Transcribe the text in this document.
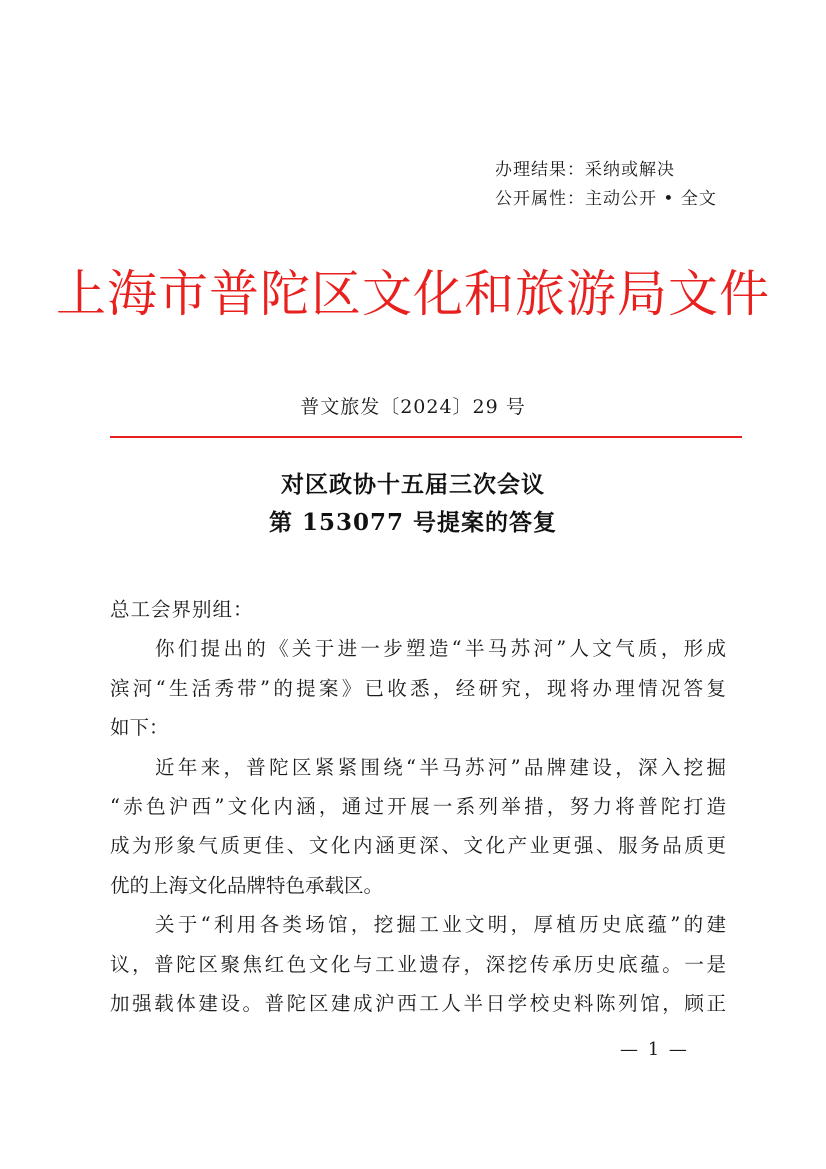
办理结果：采纳或解决
公开属性：主动公开 • 全文
上海市普陀区文化和旅游局文件
普文旅发〔2024〕29 号
对区政协十五届三次会议
第 153077 号提案的答复
总工会界别组：
你们提出的《关于进一步塑造“半马苏河”人文气质，形成
滨河“生活秀带”的提案》已收悉，经研究，现将办理情况答复
如下：
近年来，普陀区紧紧围绕“半马苏河”品牌建设，深入挖掘
“赤色沪西”文化内涵，通过开展一系列举措，努力将普陀打造
成为形象气质更佳、文化内涵更深、文化产业更强、服务品质更
优的上海文化品牌特色承载区。
关于“利用各类场馆，挖掘工业文明，厚植历史底蕴”的建
议，普陀区聚焦红色文化与工业遗存，深挖传承历史底蕴。一是
加强载体建设。普陀区建成沪西工人半日学校史料陈列馆，顾正
— 1 —
